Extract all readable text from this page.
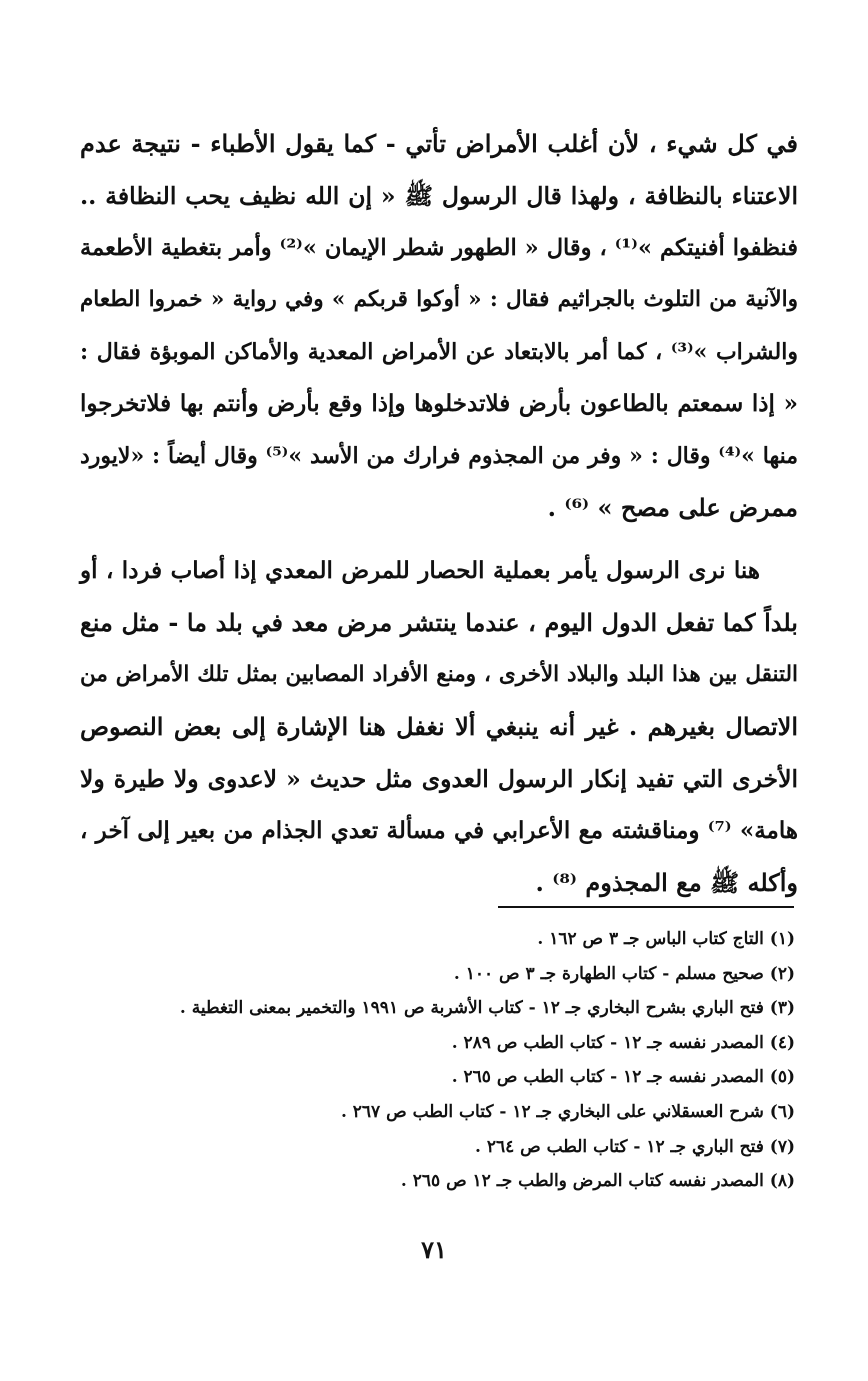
في كل شيء ، لأن أغلب الأمراض تأتي - كما يقول الأطباء - نتيجة عدم
الاعتناء بالنظافة ، ولهذا قال الرسول ﷺ « إن الله نظيف يحب النظافة ..
فنظفوا أفنيتكم »⁽¹⁾ ، وقال « الطهور شطر الإيمان »⁽²⁾ وأمر بتغطية الأطعمة
والآنية من التلوث بالجراثيم فقال : « أوكوا قربكم » وفي رواية « خمروا الطعام
والشراب »⁽³⁾ ، كما أمر بالابتعاد عن الأمراض المعدية والأماكن الموبؤة فقال :
« إذا سمعتم بالطاعون بأرض فلاتدخلوها وإذا وقع بأرض وأنتم بها فلاتخرجوا
منها »⁽⁴⁾ وقال : « وفر من المجذوم فرارك من الأسد »⁽⁵⁾ وقال أيضاً : «لايورد
ممرض على مصح » ⁽⁶⁾ .
هنا نرى الرسول يأمر بعملية الحصار للمرض المعدي إذا أصاب فردا ، أو
بلداً كما تفعل الدول اليوم ، عندما ينتشر مرض معد في بلد ما - مثل منع
التنقل بين هذا البلد والبلاد الأخرى ، ومنع الأفراد المصابين بمثل تلك الأمراض من
الاتصال بغيرهم . غير أنه ينبغي ألا نغفل هنا الإشارة إلى بعض النصوص
الأخرى التي تفيد إنكار الرسول العدوى مثل حديث « لاعدوى ولا طيرة ولا
هامة» ⁽⁷⁾ ومناقشته مع الأعرابي في مسألة تعدي الجذام من بعير إلى آخر ،
وأكله ﷺ مع المجذوم ⁽⁸⁾ .
(١) التاج كتاب الباس جـ ٣ ص ١٦٢ .
(٢) صحيح مسلم - كتاب الطهارة جـ ٣ ص ١٠٠ .
(٣) فتح الباري بشرح البخاري جـ ١٢ - كتاب الأشربة ص ١٩٩١ والتخمير بمعنى التغطية .
(٤) المصدر نفسه جـ ١٢ - كتاب الطب ص ٢٨٩ .
(٥) المصدر نفسه جـ ١٢ - كتاب الطب ص ٢٦٥ .
(٦) شرح العسقلاني على البخاري جـ ١٢ - كتاب الطب ص ٢٦٧ .
(٧) فتح الباري جـ ١٢ - كتاب الطب ص ٢٦٤ .
(٨) المصدر نفسه كتاب المرض والطب جـ ١٢ ص ٢٦٥ .
٧١
